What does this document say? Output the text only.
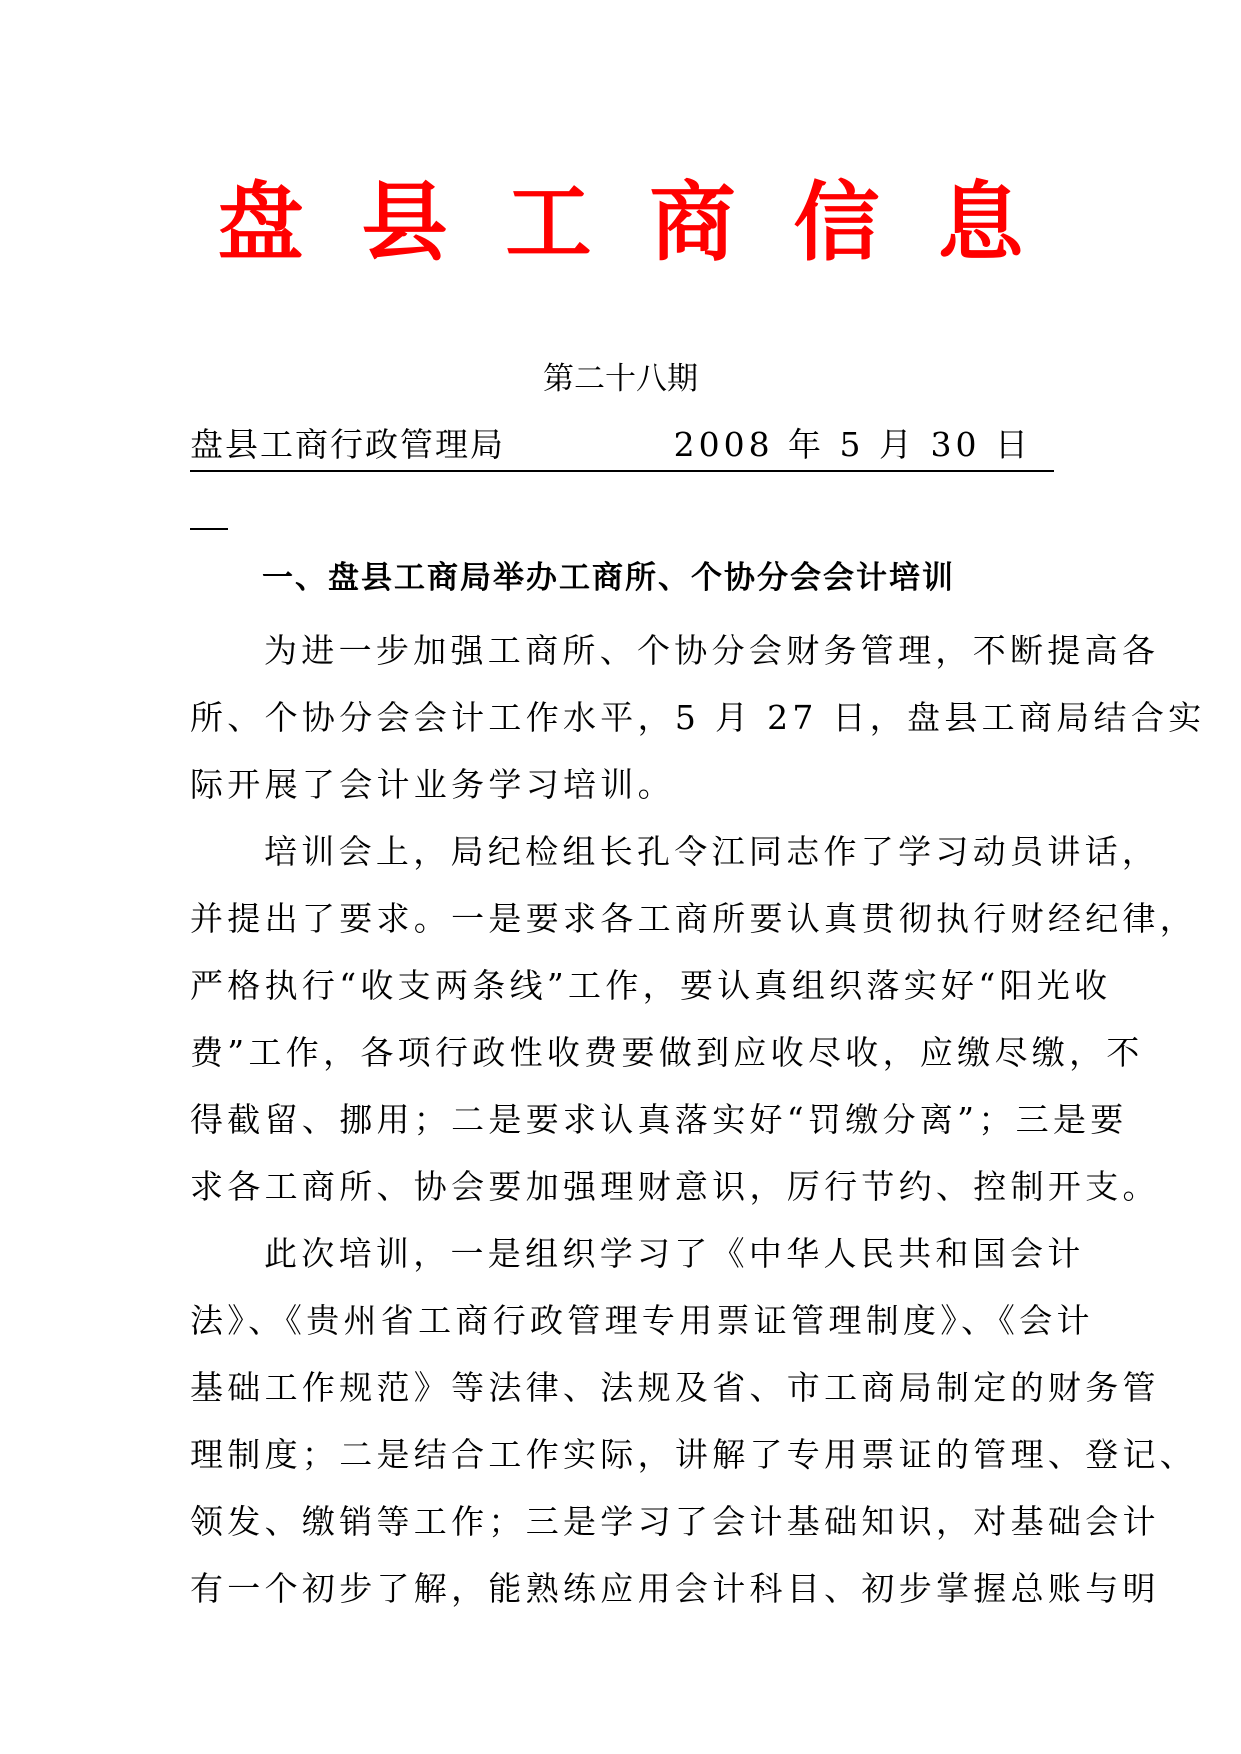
盘县工商信息
第二十八期
盘县工商行政管理局	2008 年 5 月 30 日
一、盘县工商局举办工商所、个协分会会计培训
为进一步加强工商所、个协分会财务管理，不断提高各
所、个协分会会计工作水平，5 月 27 日，盘县工商局结合实
际开展了会计业务学习培训。
培训会上，局纪检组长孔令江同志作了学习动员讲话，
并提出了要求。一是要求各工商所要认真贯彻执行财经纪律，
严格执行“收支两条线”工作，要认真组织落实好“阳光收
费”工作，各项行政性收费要做到应收尽收，应缴尽缴，不
得截留、挪用；二是要求认真落实好“罚缴分离”；三是要
求各工商所、协会要加强理财意识，厉行节约、控制开支。
此次培训，一是组织学习了《中华人民共和国会计
法》、《贵州省工商行政管理专用票证管理制度》、《会计
基础工作规范》等法律、法规及省、市工商局制定的财务管
理制度；二是结合工作实际，讲解了专用票证的管理、登记、
领发、缴销等工作；三是学习了会计基础知识，对基础会计
有一个初步了解，能熟练应用会计科目、初步掌握总账与明
